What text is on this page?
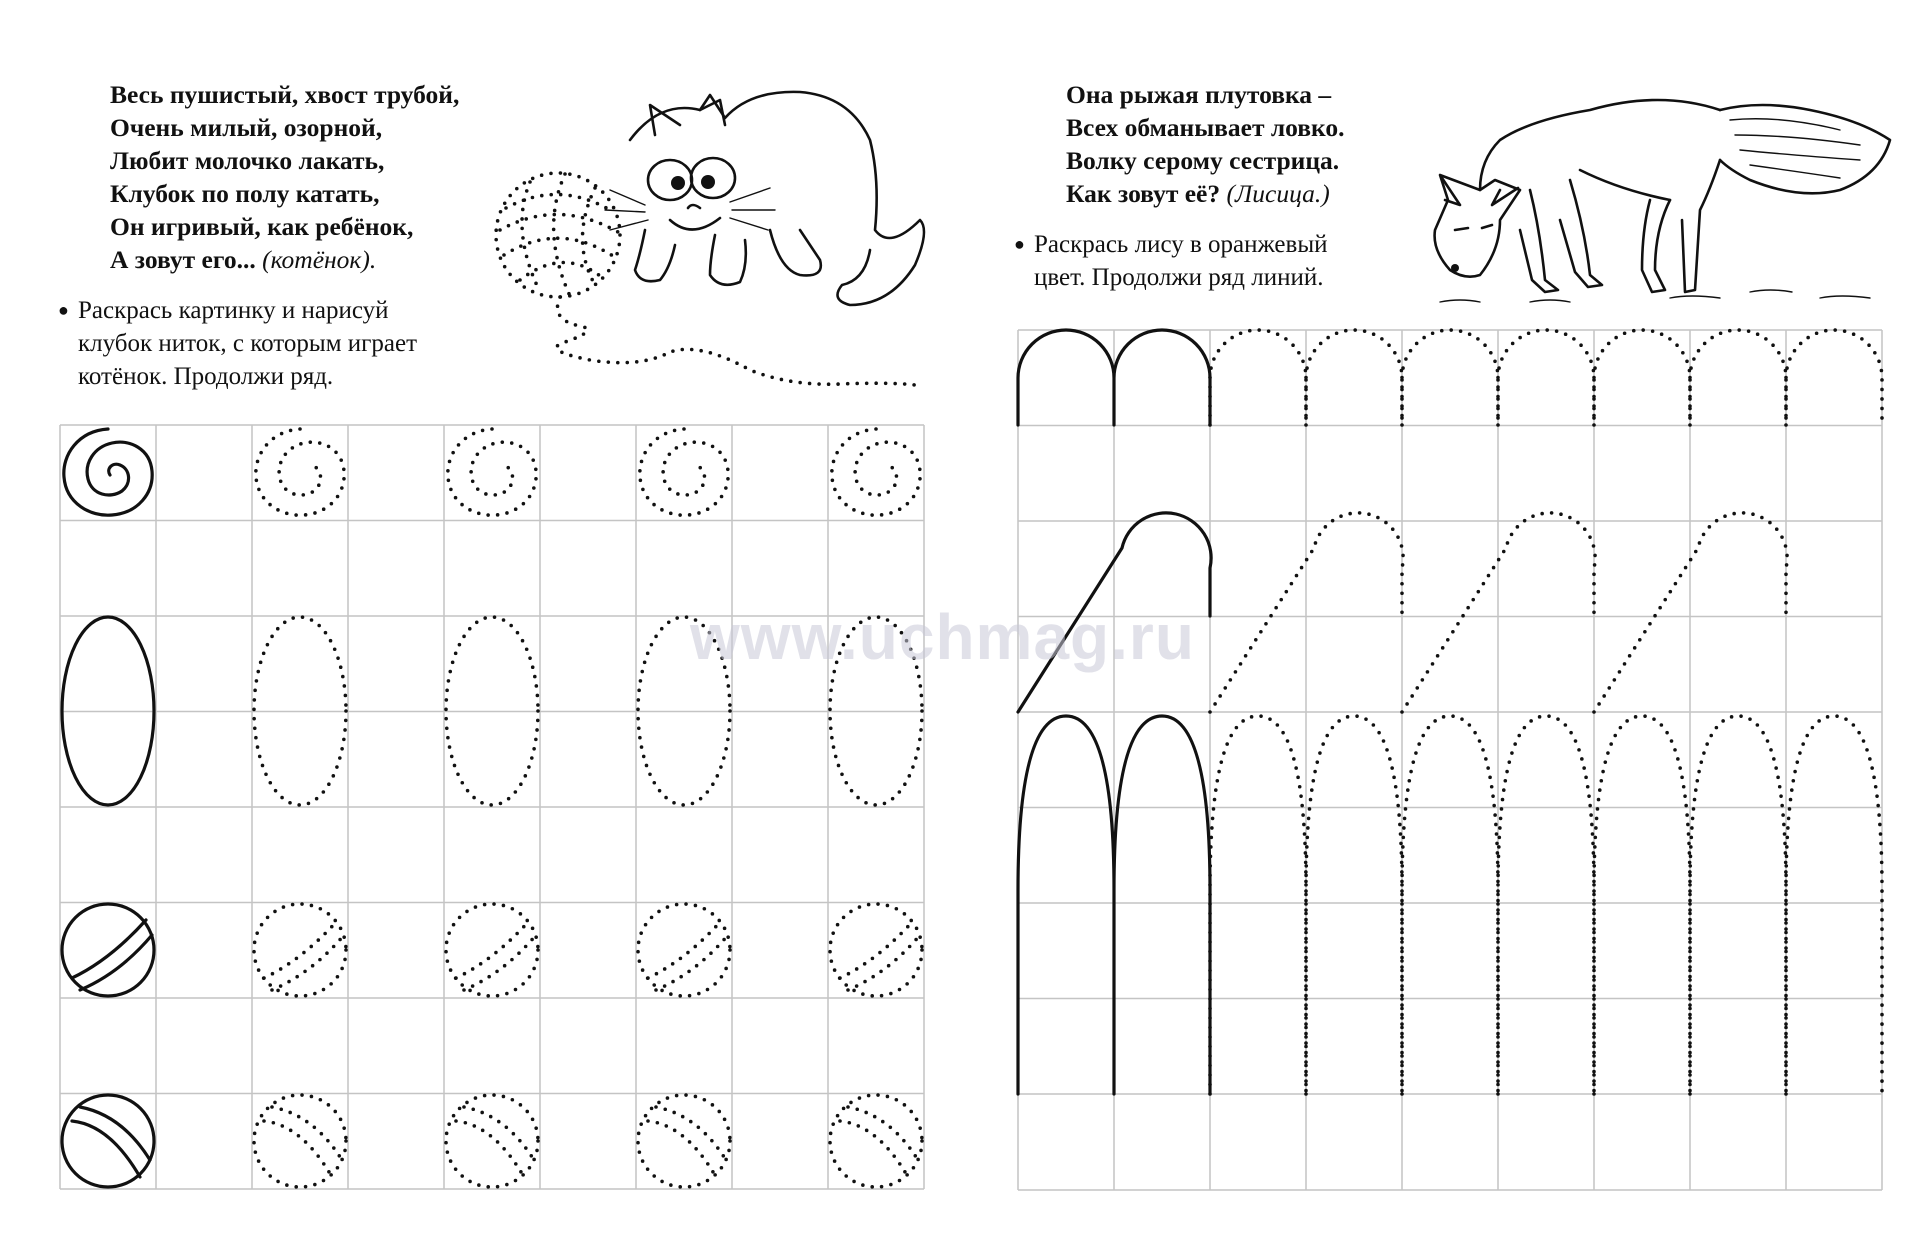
Весь пушистый, хвост трубой,
Очень милый, озорной,
Любит молочко лакать,
Клубок по полу катать,
Он игривый, как ребёнок,
А зовут его... (котёнок).
● Раскрась картинку и нарисуй
клубок ниток, с которым играет
котёнок. Продолжи ряд.
Она рыжая плутовка –
Всех обманывает ловко.
Волку серому сестрица.
Как зовут её? (Лисица.)
● Раскрась лису в оранжевый
цвет. Продолжи ряд линий.
www.uchmag.ru
